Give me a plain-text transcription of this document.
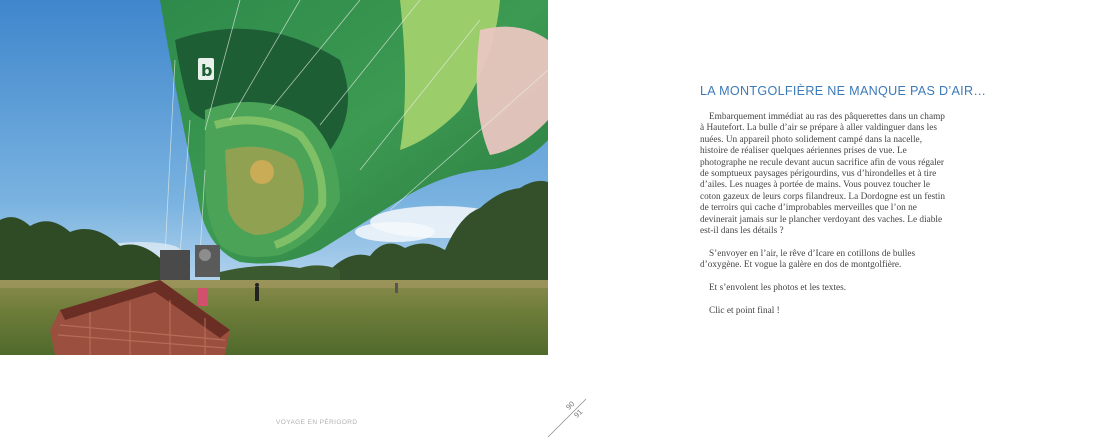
b
LA MONTGOLFIÈRE NE MANQUE PAS D’AIR…

Embarquement immédiat au ras des pâquerettes dans un champ à Hautefort. La bulle d’air se prépare à aller valdinguer dans les nuées. Un appareil photo solidement campé dans la nacelle, histoire de réaliser quelques aériennes prises de vue. Le photographe ne recule devant aucun sacrifice afin de vous régaler de somptueux paysages périgourdins, vus d’hirondelles et à tire d’ailes. Les nuages à portée de mains. Vous pouvez toucher le coton gazeux de leurs corps filandreux. La Dordogne est un festin de terroirs qui cache d’improbables merveilles que l’on ne devinerait jamais sur le plancher verdoyant des vaches. Le diable est-il dans les détails ?

S’envoyer en l’air, le rêve d’Icare en cotillons de bulles d’oxygène. Et vogue la galère en dos de montgolfière.

Et s’envolent les photos et les textes.

Clic et point final !

VOYAGE EN PÉRIGORD
90
91
